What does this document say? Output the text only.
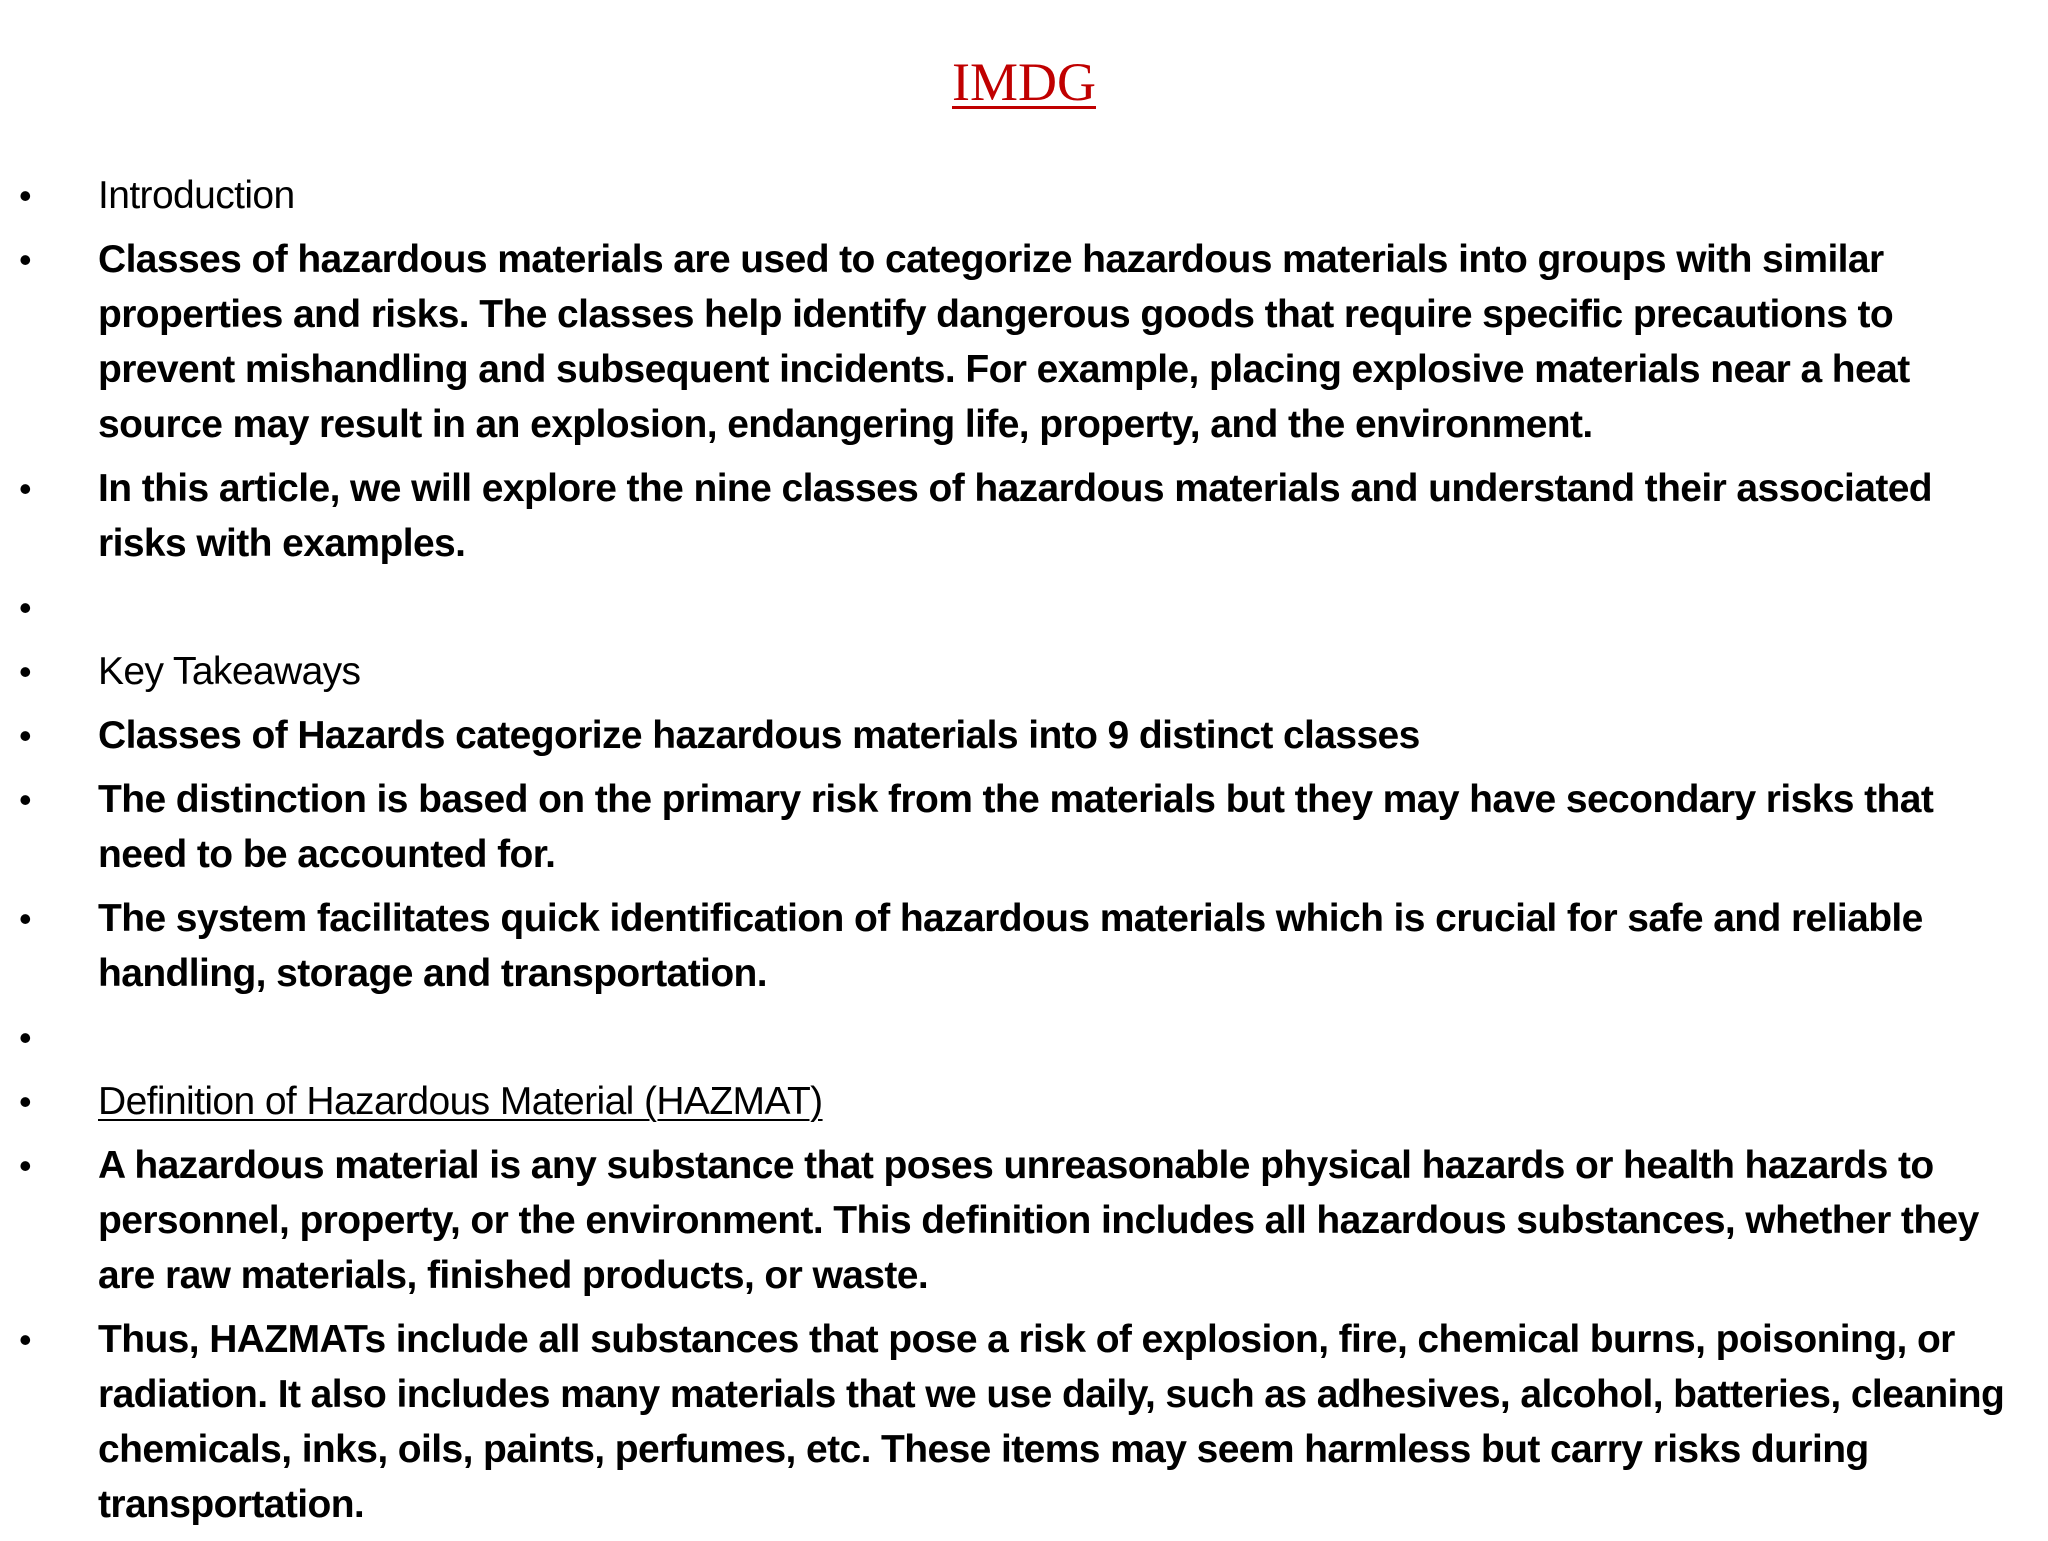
IMDG
• Introduction
• Classes of hazardous materials are used to categorize hazardous materials into groups with similar properties and risks. The classes help identify dangerous goods that require specific precautions to prevent mishandling and subsequent incidents. For example, placing explosive materials near a heat source may result in an explosion, endangering life, property, and the environment.
• In this article, we will explore the nine classes of hazardous materials and understand their associated risks with examples.
•
• Key Takeaways
• Classes of Hazards categorize hazardous materials into 9 distinct classes
• The distinction is based on the primary risk from the materials but they may have secondary risks that need to be accounted for.
• The system facilitates quick identification of hazardous materials which is crucial for safe and reliable handling, storage and transportation.
•
• Definition of Hazardous Material (HAZMAT)
• A hazardous material is any substance that poses unreasonable physical hazards or health hazards to personnel, property, or the environment. This definition includes all hazardous substances, whether they are raw materials, finished products, or waste.
• Thus, HAZMATs include all substances that pose a risk of explosion, fire, chemical burns, poisoning, or radiation. It also includes many materials that we use daily, such as adhesives, alcohol, batteries, cleaning chemicals, inks, oils, paints, perfumes, etc. These items may seem harmless but carry risks during transportation.
